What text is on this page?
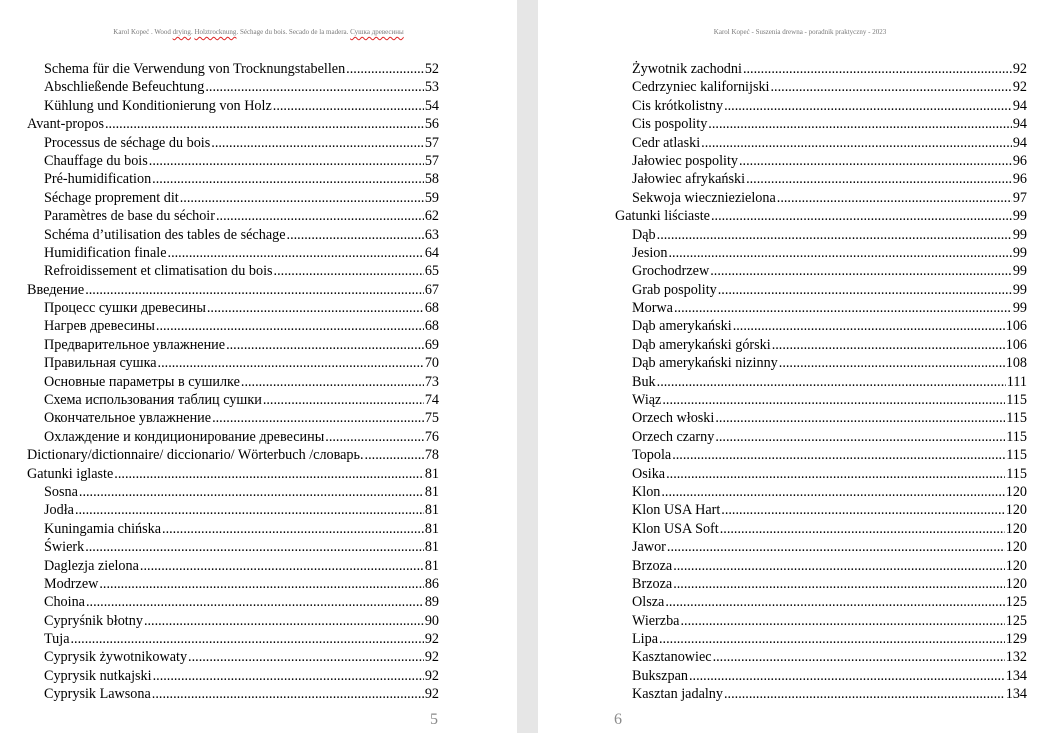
Karol Kopeć . Wood drying. Holztrocknung. Séchage du bois. Secado de la madera. Сушка древесины
Schema für die Verwendung von Trocknungstabellen .....	52
Abschließende Befeuchtung .....	53
Kühlung und Konditionierung von Holz .....	54
Avant-propos .....	56
Processus de séchage du bois .....	57
Chauffage du bois .....	57
Pré-humidification .....	58
Séchage proprement dit .....	59
Paramètres de base du séchoir .....	62
Schéma d’utilisation des tables de séchage .....	63
Humidification finale .....	64
Refroidissement et climatisation du bois .....	65
Введение .....	67
Процесс сушки древесины .....	68
Нагрев древесины .....	68
Предварительное увлажнение .....	69
Правильная сушка .....	70
Основные параметры в сушилке .....	73
Схема использования таблиц сушки .....	74
Окончательное увлажнение .....	75
Охлаждение и кондиционирование древесины .....	76
Dictionary/dictionnaire/ diccionario/ Wörterbuch /словарь. .....	78
Gatunki iglaste .....	81
Sosna .....	81
Jodła .....	81
Kuningamia chińska .....	81
Świerk .....	81
Daglezja zielona .....	81
Modrzew .....	86
Choina .....	89
Cypryśnik błotny .....	90
Tuja .....	92
Cyprysik żywotnikowaty .....	92
Cyprysik nutkajski .....	92
Cyprysik Lawsona .....	92
5
Karol Kopeć - Suszenia drewna - poradnik praktyczny - 2023
Żywotnik zachodni .....	92
Cedrzyniec kalifornijski .....	92
Cis krótkolistny .....	94
Cis pospolity .....	94
Cedr atlaski .....	94
Jałowiec pospolity .....	96
Jałowiec afrykański .....	96
Sekwoja wieczniezielona .....	97
Gatunki liściaste .....	99
Dąb .....	99
Jesion .....	99
Grochodrzew .....	99
Grab pospolity .....	99
Morwa .....	99
Dąb amerykański .....	106
Dąb amerykański górski .....	106
Dąb amerykański nizinny .....	108
Buk .....	111
Wiąz .....	115
Orzech włoski .....	115
Orzech czarny .....	115
Topola .....	115
Osika .....	115
Klon .....	120
Klon USA Hart .....	120
Klon USA Soft .....	120
Jawor .....	120
Brzoza .....	120
Brzoza .....	120
Olsza .....	125
Wierzba .....	125
Lipa .....	129
Kasztanowiec .....	132
Bukszpan .....	134
Kasztan jadalny .....	134
6
